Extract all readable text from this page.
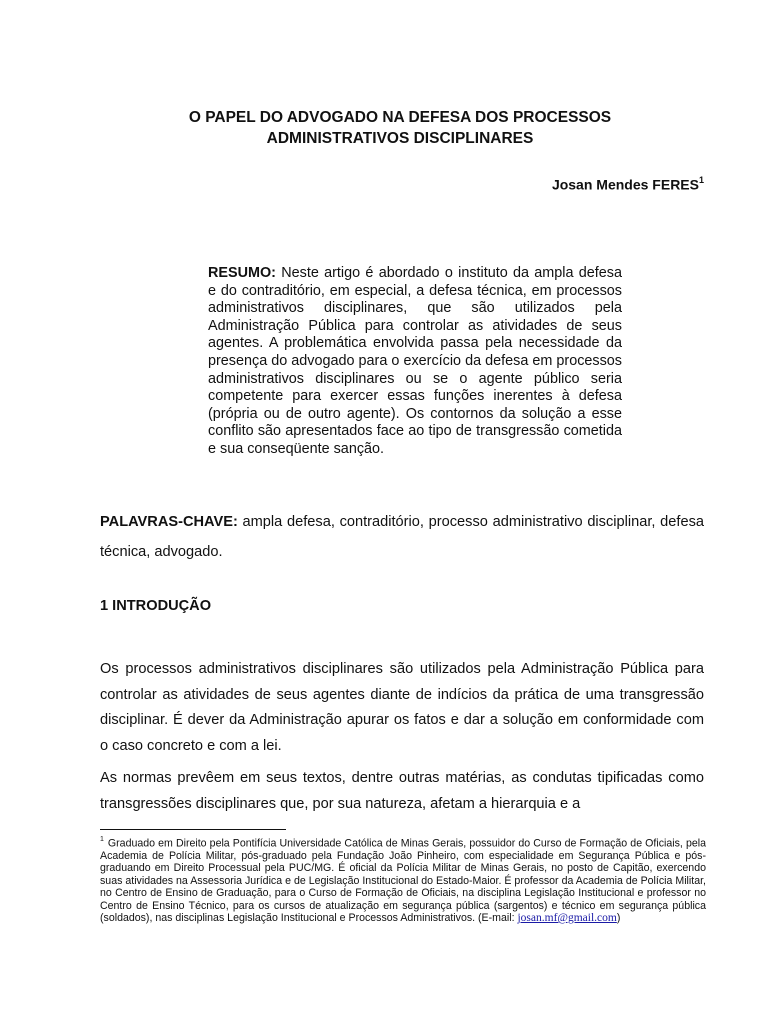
O PAPEL DO ADVOGADO NA DEFESA DOS PROCESSOS
ADMINISTRATIVOS DISCIPLINARES
Josan Mendes FERES$^1$
RESUMO: Neste artigo é abordado o instituto da ampla defesa e do contraditório, em especial, a defesa técnica, em processos administrativos disciplinares, que são utilizados pela Administração Pública para controlar as atividades de seus agentes. A problemática envolvida passa pela necessidade da presença do advogado para o exercício da defesa em processos administrativos disciplinares ou se o agente público seria competente para exercer essas funções inerentes à defesa (própria ou de outro agente). Os contornos da solução a esse conflito são apresentados face ao tipo de transgressão cometida e sua conseqüente sanção.
PALAVRAS-CHAVE: ampla defesa, contraditório, processo administrativo disciplinar, defesa técnica, advogado.
1 INTRODUÇÃO

Os processos administrativos disciplinares são utilizados pela Administração Pública para controlar as atividades de seus agentes diante de indícios da prática de uma transgressão disciplinar. É dever da Administração apurar os fatos e dar a solução em conformidade com o caso concreto e com a lei.

As normas prevêem em seus textos, dentre outras matérias, as condutas tipificadas como transgressões disciplinares que, por sua natureza, afetam a hierarquia e a

$^1$ Graduado em Direito pela Pontifícia Universidade Católica de Minas Gerais, possuidor do Curso de Formação de Oficiais, pela Academia de Polícia Militar, pós-graduado pela Fundação João Pinheiro, com especialidade em Segurança Pública e pós-graduando em Direito Processual pela PUC/MG. É oficial da Polícia Militar de Minas Gerais, no posto de Capitão, exercendo suas atividades na Assessoria Jurídica e de Legislação Institucional do Estado-Maior. É professor da Academia de Polícia Militar, no Centro de Ensino de Graduação, para o Curso de Formação de Oficiais, na disciplina Legislação Institucional e professor no Centro de Ensino Técnico, para os cursos de atualização em segurança pública (sargentos) e técnico em segurança pública (soldados), nas disciplinas Legislação Institucional e Processos Administrativos. (E-mail: josan.mf@gmail.com)
